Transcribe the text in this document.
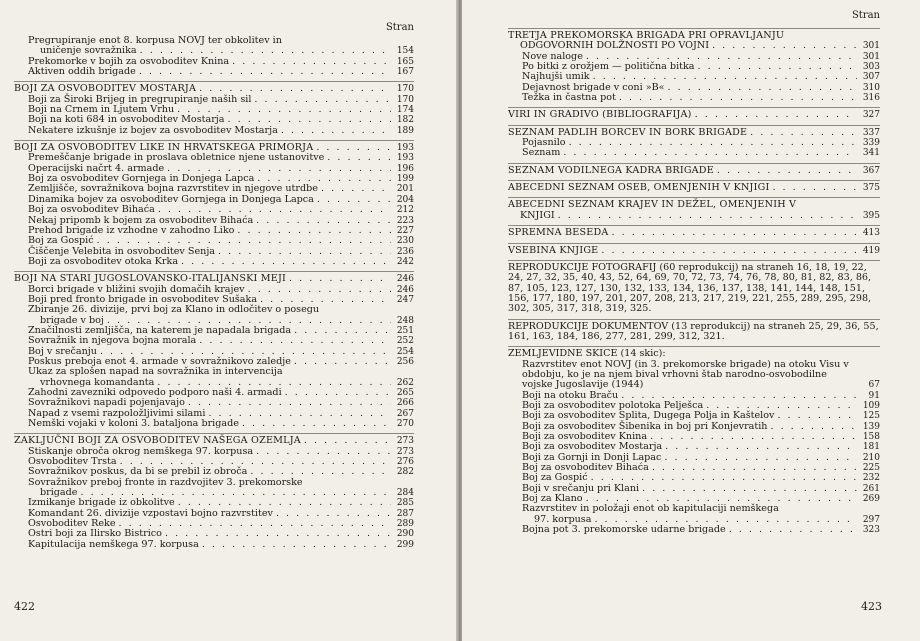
Stran
Pregrupiranje enot 8. korpusa NOVJ ter obkolitev in
uničenje sovražnika . . .	154
Prekomorke v bojih za osvoboditev Knina . . .	165
Aktiven oddih brigade . . .	167
BOJI ZA OSVOBODITEV MOSTARJA . . .	170
Boji za Široki Brijeg in pregrupiranje naših sil . . .	170
Boji na Crnem in Ljutem Vrhu . . .	174
Boji na koti 684 in osvoboditev Mostarja . . .	182
Nekatere izkušnje iz bojev za osvoboditev Mostarja . . .	189
BOJI ZA OSVOBODITEV LIKE IN HRVATSKEGA PRIMORJA . . .	193
Premeščanje brigade in proslava obletnice njene ustanovitve . . .	193
Operacijski načrt 4. armade . . .	196
Boj za osvoboditev Gornjega in Donjega Lapca . . .	199
Zemljišče, sovražnikova bojna razvrstitev in njegove utrdbe . . .	201
Dinamika bojev za osvoboditev Gornjega in Donjega Lapca . . .	204
Boj za osvoboditev Bihaća . . .	212
Nekaj pripomb k bojem za osvoboditev Bihaća . . .	223
Prehod brigade iz vzhodne v zahodno Liko . . .	227
Boj za Gospić . . .	230
Čiščenje Velebita in osvoboditev Senja . . .	236
Boji za osvoboditev otoka Krka . . .	242
BOJI NA STARI JUGOSLOVANSKO-ITALIJANSKI MEJI . . .	246
Borci brigade v bližini svojih domačih krajev . . .	246
Boji pred fronto brigade in osvoboditev Sušaka . . .	247
Zbiranje 26. divizije, prvi boj za Klano in odločitev o posegu
brigade v boj . . .	248
Značilnosti zemljišča, na katerem je napadala brigada . . .	251
Sovražnik in njegova bojna morala . . .	252
Boj v srečanju . . .	254
Poskus preboja enot 4. armade v sovražnikovo zaledje . . .	256
Ukaz za splošen napad na sovražnika in intervencija
vrhovnega komandanta . . .	262
Zahodni zavezniki odpovedo podporo naši 4. armadi . . .	265
Sovražnikovi napadi pojenjavajo . . .	266
Napad z vsemi razpoložljivimi silami . . .	267
Nemški vojaki v koloni 3. bataljona brigade . . .	270
ZAKLJUČNI BOJI ZA OSVOBODITEV NAŠEGA OZEMLJA . . .	273
Stiskanje obroča okrog nemškega 97. korpusa . . .	273
Osvoboditev Trsta . . .	276
Sovražnikov poskus, da bi se prebil iz obroča . . .	282
Sovražnikov preboj fronte in razdvojitev 3. prekomorske
brigade . . .	284
Izmikanje brigade iz obkolitve . . .	285
Komandant 26. divizije vzpostavi bojno razvrstitev . . .	287
Osvoboditev Reke . . .	289
Ostri boji za Ilirsko Bistrico . . .	290
Kapitulacija nemškega 97. korpusa . . .	299
422
Stran
TRETJA PREKOMORSKA BRIGADA PRI OPRAVLJANJU
ODGOVORNIH DOLŽNOSTI PO VOJNI . . .	301
Nove naloge . . .	301
Po bitki z orožjem — politična bitka . . .	303
Najhujši umik . . .	307
Dejavnost brigade v coni »B« . . .	310
Težka in častna pot . . .	316
VIRI IN GRADIVO (BIBLIOGRAFIJA) . . .	327
SEZNAM PADLIH BORCEV IN BORK BRIGADE . . .	337
Pojasnilo . . .	339
Seznam . . .	341
SEZNAM VODILNEGA KADRA BRIGADE . . .	367
ABECEDNI SEZNAM OSEB, OMENJENIH V KNJIGI . . .	375
ABECEDNI SEZNAM KRAJEV IN DEŽEL, OMENJENIH V
KNJIGI . . .	395
SPREMNA BESEDA . . .	413
VSEBINA KNJIGE . . .	419
REPRODUKCIJE FOTOGRAFIJ (60 reprodukcij) na straneh 16, 18, 19, 22, 24, 27, 32, 35, 40, 43, 52, 64, 69, 70, 72, 73, 74, 76, 78, 80, 81, 82, 83, 86, 87, 105, 123, 127, 130, 132, 133, 134, 136, 137, 138, 141, 144, 148, 151, 156, 177, 180, 197, 201, 207, 208, 213, 217, 219, 221, 255, 289, 295, 298, 302, 305, 317, 318, 319, 325.
REPRODUKCIJE DOKUMENTOV (13 reprodukcij) na straneh 25, 29, 36, 55, 161, 163, 184, 186, 277, 281, 299, 312, 321.
ZEMLJEVIDNE SKICE (14 skic):
Razvrstitev enot NOVJ (in 3. prekomorske brigade) na otoku Visu v obdobju, ko je na njem bival vrhovni štab narodno-osvobodilne vojske Jugoslavije (1944)	67
Boji na otoku Braču . . .	91
Boji za osvoboditev polotoka Pelješca . . .	109
Boji za osvoboditev Splita, Dugega Polja in Kaštelov . . .	125
Boji za osvoboditev Šibenika in boj pri Konjevratih . . .	139
Boji za osvoboditev Knina . . .	158
Boji za osvoboditev Mostarja . . .	181
Boji za Gornji in Donji Lapac . . .	210
Boj za osvoboditev Bihaća . . .	225
Boj za Gospić . . .	232
Boji v srečanju pri Klani . . .	261
Boj za Klano . . .	269
Razvrstitev in položaji enot ob kapitulaciji nemškega
97. korpusa . . .	297
Bojna pot 3. prekomorske udarne brigade . . .	323
423
